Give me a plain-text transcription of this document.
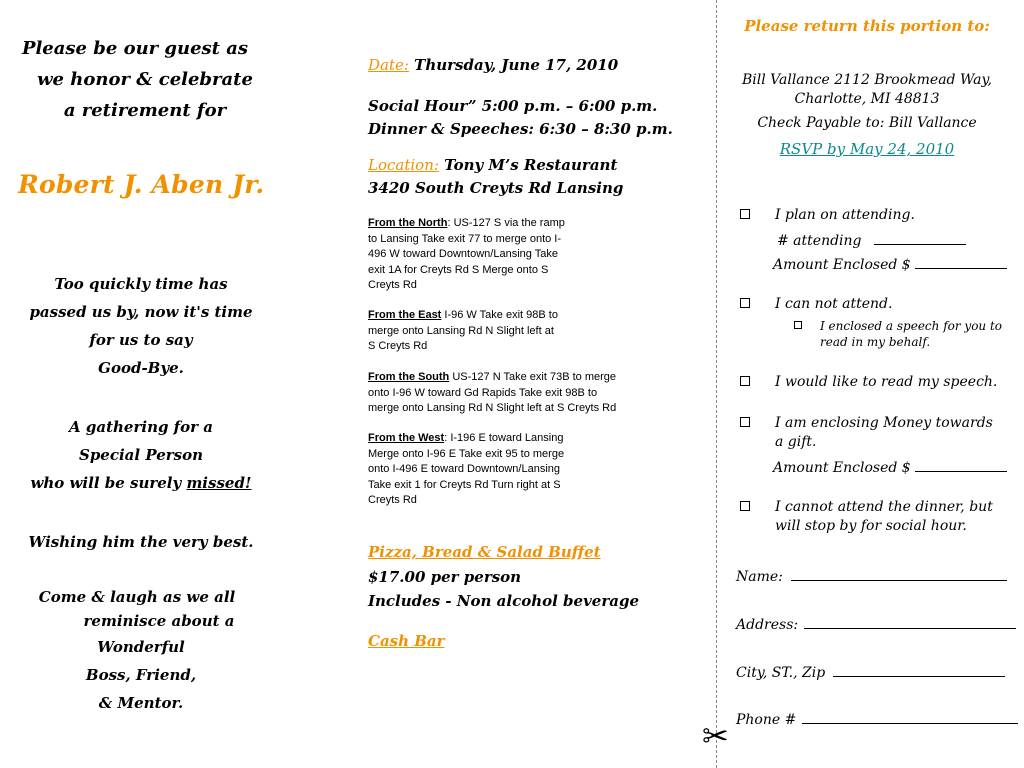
Please be our guest as
we honor & celebrate
a retirement for
Robert J. Aben Jr.
Too quickly time has
passed us by, now it's time
for us to say
Good-Bye.
A gathering for a
Special Person
who will be surely missed!
Wishing him the very best.
Come & laugh as we all
reminisce about a
Wonderful
Boss, Friend,
& Mentor.
Date: Thursday, June 17, 2010
Social Hour” 5:00 p.m. – 6:00 p.m.
Dinner & Speeches: 6:30 – 8:30 p.m.
Location: Tony M’s Restaurant
3420 South Creyts Rd Lansing
From the North: US-127 S via the ramp
to Lansing Take exit 77 to merge onto I-
496 W toward Downtown/Lansing Take
exit 1A for Creyts Rd S Merge onto S
Creyts Rd
From the East I-96 W Take exit 98B to
merge onto Lansing Rd N Slight left at
S Creyts Rd
From the South US-127 N Take exit 73B to merge
onto I-96 W toward Gd Rapids Take exit 98B to
merge onto Lansing Rd N Slight left at S Creyts Rd
From the West: I-196 E toward Lansing
Merge onto I-96 E Take exit 95 to merge
onto I-496 E toward Downtown/Lansing
Take exit 1 for Creyts Rd Turn right at S
Creyts Rd
Pizza, Bread & Salad Buffet
$17.00 per person
Includes - Non alcohol beverage
Cash Bar
✂
Please return this portion to:
Bill Vallance 2112 Brookmead Way,
Charlotte, MI 48813
Check Payable to: Bill Vallance
RSVP by May 24, 2010
I plan on attending.
# attending
Amount Enclosed $
I can not attend.
I enclosed a speech for you to
read in my behalf.
I would like to read my speech.
I am enclosing Money towards
a gift.
Amount Enclosed $
I cannot attend the dinner, but
will stop by for social hour.
Name:
Address:
City, ST., Zip
Phone #
